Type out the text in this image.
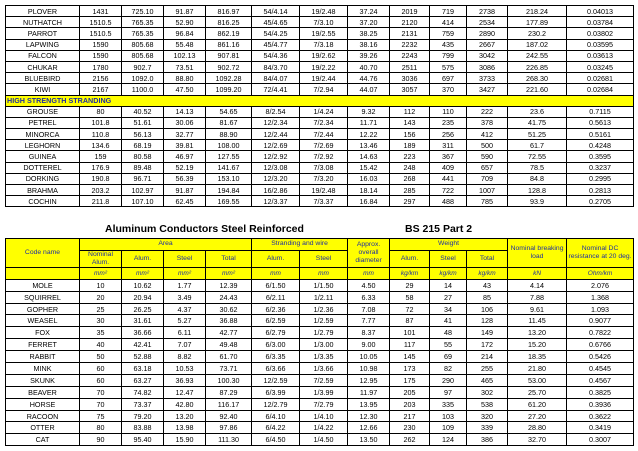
PLOVER	1431	725.10	91.87	816.97	54/4.14	19/2.48	37.24	2019	719	2738	218.24	0.04013
NUTHATCH	1510.5	765.35	52.90	816.25	45/4.65	7/3.10	37.20	2120	414	2534	177.89	0.03784
PARROT	1510.5	765.35	96.84	862.19	54/4.25	19/2.55	38.25	2131	759	2890	230.2	0.03802
LAPWING	1590	805.68	55.48	861.16	45/4.77	7/3.18	38.16	2232	435	2667	187.02	0.03595
FALCON	1590	805.68	102.13	907.81	54/4.36	19/2.62	39.26	2243	799	3042	242.55	0.03613
CHUKAR	1780	902.7	73.51	902.72	84/3.70	19/2.22	40.70	2511	575	3086	226.85	0.03245
BLUEBIRD	2156	1092.0	88.80	1092.28	84/4.07	19/2.44	44.76	3036	697	3733	268.30	0.02681
KIWI	2167	1100.0	47.50	1099.20	72/4.41	7/2.94	44.07	3057	370	3427	221.60	0.02684
HIGH STRENGTH STRANDING												
GROUSE	80	40.52	14.13	54.65	8/2.54	1/4.24	9.32	112	110	222	23.6	0.7115
PETREL	101.8	51.61	30.06	81.67	12/2.34	7/2.34	11.71	143	235	378	41.75	0.5613
MINORCA	110.8	56.13	32.77	88.90	12/2.44	7/2.44	12.22	156	256	412	51.25	0.5161
LEGHORN	134.6	68.19	39.81	108.00	12/2.69	7/2.69	13.46	189	311	500	61.7	0.4248
GUINEA	159	80.58	46.97	127.55	12/2.92	7/2.92	14.63	223	367	590	72.55	0.3595
DOTTEREL	176.9	89.48	52.19	141.67	12/3.08	7/3.08	15.42	248	409	657	78.5	0.3237
DORKING	190.8	96.71	56.39	153.10	12/3.20	7/3.20	16.03	268	441	709	84.8	0.2995
BRAHMA	203.2	102.97	91.87	194.84	16/2.86	19/2.48	18.14	285	722	1007	128.8	0.2813
COCHIN	211.8	107.10	62.45	169.55	12/3.37	7/3.37	16.84	297	488	785	93.9	0.2705
Aluminum Conductors Steel Reinforced	BS 215 Part 2
Code name	Area				Stranding and wire		Approx. overall diameter	Weight			Nominal breaking load	Nominal DC resistance at 20 deg.
	Nominal Alum.	Alum.	Steel	Total	Alum.	Steel		Alum.	Steel	Total		
	mm²	mm²	mm²	mm²	mm	mm	mm	kg/km	kg/km	kg/km	kN	Ohm/km
MOLE	10	10.62	1.77	12.39	6/1.50	1/1.50	4.50	29	14	43	4.14	2.076
SQUIRREL	20	20.94	3.49	24.43	6/2.11	1/2.11	6.33	58	27	85	7.88	1.368
GOPHER	25	26.25	4.37	30.62	6/2.36	1/2.36	7.08	72	34	106	9.61	1.093
WEASEL	30	31.61	5.27	36.88	6/2.59	1/2.59	7.77	87	41	128	11.45	0.9077
FOX	35	36.66	6.11	42.77	6/2.79	1/2.79	8.37	101	48	149	13.20	0.7822
FERRET	40	42.41	7.07	49.48	6/3.00	1/3.00	9.00	117	55	172	15.20	0.6766
RABBIT	50	52.88	8.82	61.70	6/3.35	1/3.35	10.05	145	69	214	18.35	0.5426
MINK	60	63.18	10.53	73.71	6/3.66	1/3.66	10.98	173	82	255	21.80	0.4545
SKUNK	60	63.27	36.93	100.30	12/2.59	7/2.59	12.95	175	290	465	53.00	0.4567
BEAVER	70	74.82	12.47	87.29	6/3.99	1/3.99	11.97	205	97	302	25.70	0.3825
HORSE	70	73.37	42.80	116.17	12/2.79	7/2.79	13.95	203	335	538	61.20	0.3936
RACOON	75	79.20	13.20	92.40	6/4.10	1/4.10	12.30	217	103	320	27.20	0.3622
OTTER	80	83.88	13.98	97.86	6/4.22	1/4.22	12.66	230	109	339	28.80	0.3419
CAT	90	95.40	15.90	111.30	6/4.50	1/4.50	13.50	262	124	386	32.70	0.3007
